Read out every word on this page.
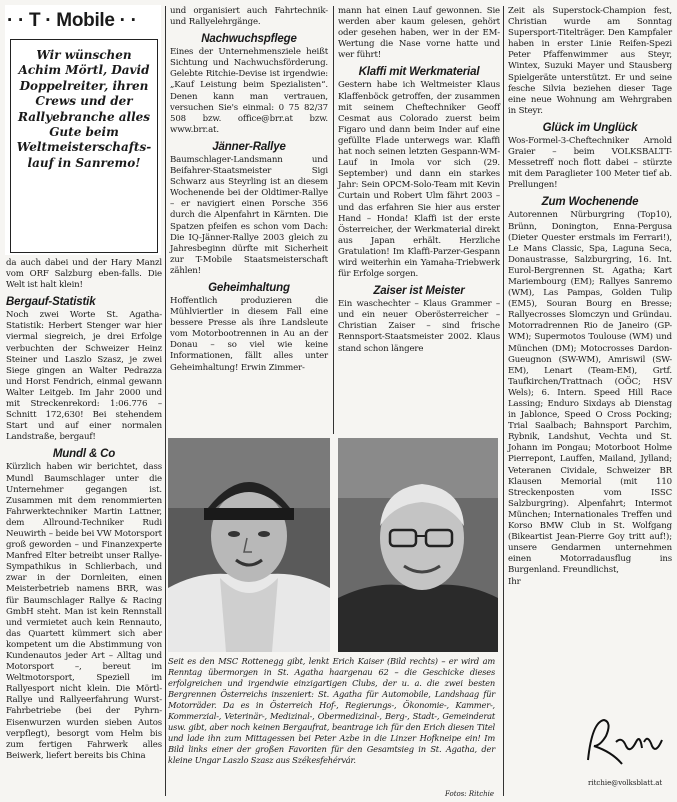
· · T · Mobile · ·
Wir wünschen Achim Mörtl, David Doppelreiter, ihren Crews und der Rallyebranche alles Gute beim Weltmeisterschafts-lauf in Sanremo!

da auch dabei und der Hary Manzl vom ORF Salzburg eben-falls. Die Welt ist halt klein!

Bergauf-Statistik

Noch zwei Worte St. Agatha-Statistik: Herbert Stenger war hier viermal siegreich, je drei Erfolge verbuchten der Schweizer Heinz Steiner und Laszlo Szasz, je zwei Siege gingen an Walter Pedrazza und Horst Fendrich, einmal gewann Walter Leitgeb. Im Jahr 2000 und mit Streckenrekord: 1:06.776 – Schnitt 172,630! Bei stehendem Start und auf einer normalen Landstraße, bergauf!

Mundl & Co

Kürzlich haben wir berichtet, dass Mundl Baumschlager unter die Unternehmer gegangen ist. Zusammen mit dem renommierten Fahrwerktechniker Martin Lattner, dem Allround-Techniker Rudi Neuwirth – beide bei VW Motorsport groß geworden – und Finanzexperte Manfred Elter betreibt unser Rallye-Sympathikus in Schlierbach, und zwar in der Dornleiten, einen Meisterbetrieb namens BRR, was für Baumschlager Rallye & Racing GmbH steht. Man ist kein Rennstall und vermietet auch kein Rennauto, das Quartett kümmert sich aber kompetent um die Abstimmung von Kundenautos jeder Art – Alltag und Motorsport –, bereut im Weltmotorsport, Speziell im Rallyesport nicht klein. Die Mörtl-Rallye und Rallyeerfahrung Wurst-Fahrbetriebe (bei der Pyhrn-Eisenwurzen wurden sieben Autos verpflegt), besorgt vom Helm bis zum fertigen Fahrwerk alles Beiwerk, liefert bereits bis China

und organisiert auch Fahrtechnik- und Rallyelehrgänge.

Nachwuchspflege

Eines der Unternehmensziele heißt Sichtung und Nachwuchsförderung. Gelebte Ritchie-Devise ist irgendwie: „Kauf Leistung beim Spezialisten“. Denen kann man vertrauen, versuchen Sie's einmal: 0 75 82/37 508 bzw. office@brr.at bzw. www.brr.at.

Jänner-Rallye

Baumschlager-Landsmann und Beifahrer-Staatsmeister Sigi Schwarz aus Steyrling ist an diesem Wochenende bei der Oldtimer-Rallye – er navigiert einen Porsche 356 durch die Alpenfahrt in Kärnten. Die Spatzen pfeifen es schon vom Dach: Die IQ-Jänner-Rallye 2003 gleich zu Jahresbeginn dürfte mit Sicherheit zur T-Mobile Staatsmeisterschaft zählen!

Geheimhaltung

Hoffentlich produzieren die Mühlviertler in diesem Fall eine bessere Presse als ihre Landsleute vom Motorbootrennen in Au an der Donau – so viel wie keine Informationen, fällt alles unter Geheimhaltung! Erwin Zimmer-

mann hat einen Lauf gewonnen. Sie werden aber kaum gelesen, gehört oder gesehen haben, wer in der EM-Wertung die Nase vorne hatte und wer führt!

Klaffi mit Werkmaterial

Gestern habe ich Weltmeister Klaus Klaffenböck getroffen, der zusammen mit seinem Cheftechniker Geoff Cesmat aus Colorado zuerst beim Figaro und dann beim Inder auf eine gefüllte Flade unterwegs war. Klaffi hat noch seinen letzten Gespann-WM-Lauf in Imola vor sich (29. September) und dann ein starkes Jahr: Sein OPCM-Solo-Team mit Kevin Curtain und Robert Ulm fährt 2003 – und das erfahren Sie hier aus erster Hand – Honda! Klaffi ist der erste Österreicher, der Werkmaterial direkt aus Japan erhält. Herzliche Gratulation! Im Klaffi-Parzer-Gespann wird weiterhin ein Yamaha-Triebwerk für Erfolge sorgen.

Zaiser ist Meister

Ein waschechter – Klaus Grammer – und ein neuer Oberösterreicher – Christian Zaiser – sind frische Rennsport-Staatsmeister 2002. Klaus stand schon längere

Zeit als Superstock-Champion fest, Christian wurde am Sonntag Supersport-Titelträger. Den Kampfaler haben in erster Linie Reifen-Spezi Peter Pfaffenwimmer aus Steyr, Wintex, Suzuki Mayer und Stausberg Spielgeräte unterstützt. Er und seine fesche Silvia beziehen dieser Tage eine neue Wohnung am Wehrgraben in Steyr.

Glück im Unglück

Wos-Formel-3-Cheftechniker Arnold Graier – beim VOLKSBALTT-Messetreff noch flott dabei – stürzte mit dem Paraglieter 100 Meter tief ab. Prellungen!

Zum Wochenende

Autorennen Nürburgring (Top10), Brünn, Donington, Enna-Pergusa (Dieter Quester erstmals im Ferrari!), Le Mans Classic, Spa, Laguna Seca, Donaustrasse, Salzburgring, 16. Int. Eurol-Bergrennen St. Agatha; Kart Mariembourg (EM); Rallyes Sanremo (WM), Las Pampas, Golden Tulip (EM5), Souran Bourg en Bresse; Rallyecrosses Slomczyn und Gründau. Motorradrennen Rio de Janeiro (GP-WM); Supermotos Toulouse (WM) und München (DM); Motocrosses Dardon-Gueugnon (SW-WM), Amriswil (SW-EM), Lenart (Team-EM), Grtf. Taufkirchen/Trattnach (OÖC; HSV Wels); 6. Intern. Speed Hill Race Lassing; Enduro Sixdays ab Dienstag in Jablonce, Speed O Cross Pocking; Trial Saalbach; Bahnsport Parchim, Rybnik, Landshut, Vechta und St. Johann im Pongau; Motorboot Holme Pierrepont, Lauffen, Mailand, Jylland; Veteranen Cividale, Schweizer BR Klausen Memorial (mit 110 Streckenposten vom ISSC Salzburgring). Alpenfahrt; Intermot München; Internationales Treffen und Korso BMW Club in St. Wolfgang (Bikeartist Jean-Pierre Goy tritt auf!); unsere Gendarmen unternehmen einen Motorradausflug ins Burgenland. Freundlichst,

Ihr

Seit es den MSC Rottenegg gibt, lenkt Erich Kaiser (Bild rechts) – er wird am Renntag übermorgen in St. Agatha haargenau 62 – die Geschicke dieses erfolgreichen und irgendwie einzigartigen Clubs, der u. a. die zwei besten Bergrennen Österreichs inszeniert: St. Agatha für Automobile, Landshaag für Motorräder. Da es in Österreich Hof-, Regierungs-, Ökonomie-, Kammer-, Kommerzial-, Veterinär-, Medizinal-, Obermedizinal-, Berg-, Stadt-, Gemeinderat usw. gibt, aber noch keinen Bergaufrat, beantrage ich für den Erich diesen Titel und lade ihn zum Mittagessen bei Peter Azbe in die Linzer Hofkneipe ein! Im Bild links einer der großen Favoriten für den Gesamtsieg in St. Agatha, der kleine Ungar Laszlo Szasz aus Székesfehérvár.
Fotos: Ritchie
ritchie@volksblatt.at
